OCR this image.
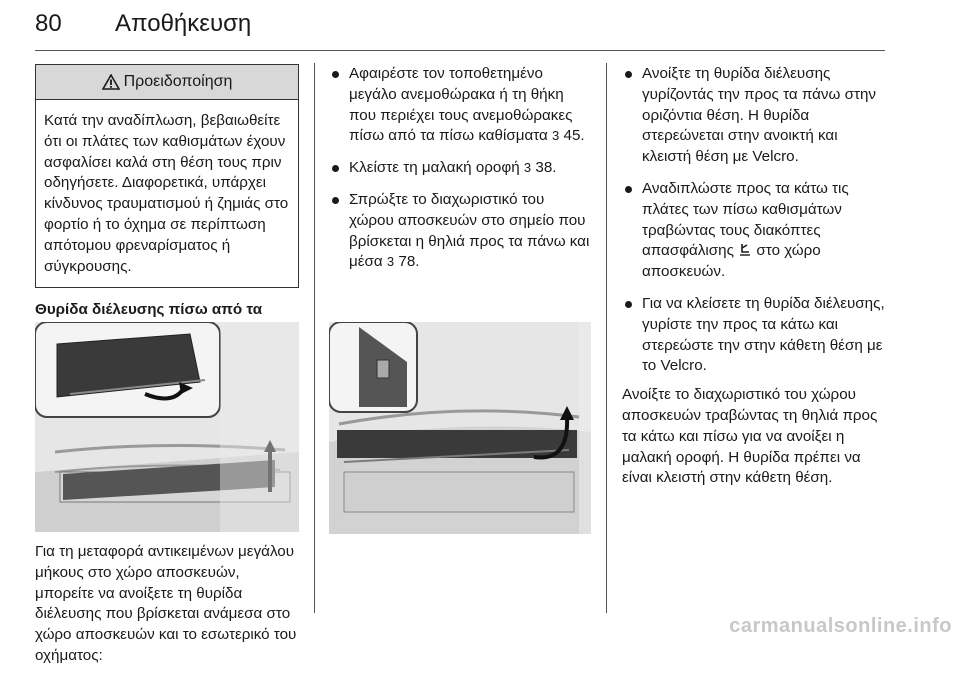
80 Αποθήκευση
Προειδοποίηση
Κατά την αναδίπλωση, βεβαιωθείτε ότι οι πλάτες των καθισμάτων έχουν ασφαλίσει καλά στη θέση τους πριν οδηγήσετε. Διαφορετικά, υπάρχει κίνδυνος τραυματισμού ή ζημιάς στο φορτίο ή το όχημα σε περίπτωση απότομου φρεναρίσματος ή σύγκρουσης.

Θυρίδα διέλευσης πίσω από τα

Για τη μεταφορά αντικειμένων μεγάλου μήκους στο χώρο αποσκευών, μπορείτε να ανοίξετε τη θυρίδα διέλευσης που βρίσκεται ανάμεσα στο χώρο αποσκευών και το εσωτερικό του οχήματος:

Αφαιρέστε τον τοποθετημένο μεγάλο ανεμοθώρακα ή τη θήκη που περιέχει τους ανεμοθώρακες πίσω από τα πίσω καθίσματα 3 45.
Κλείστε τη μαλακή οροφή 3 38.
Σπρώξτε το διαχωριστικό του χώρου αποσκευών στο σημείο που βρίσκεται η θηλιά προς τα πάνω και μέσα 3 78.
Ανοίξτε τη θυρίδα διέλευσης γυρίζοντάς την προς τα πάνω στην οριζόντια θέση. Η θυρίδα στερεώνεται στην ανοικτή και κλειστή θέση με Velcro.
Αναδιπλώστε προς τα κάτω τις πλάτες των πίσω καθισμάτων τραβώντας τους διακόπτες απασφάλισης στο χώρο αποσκευών.
Για να κλείσετε τη θυρίδα διέλευσης, γυρίστε την προς τα κάτω και στερεώστε την στην κάθετη θέση με το Velcro.

Ανοίξτε το διαχωριστικό του χώρου αποσκευών τραβώντας τη θηλιά προς τα κάτω και πίσω για να ανοίξει η μαλακή οροφή. Η θυρίδα πρέπει να είναι κλειστή στην κάθετη θέση.

carmanualsonline.info
